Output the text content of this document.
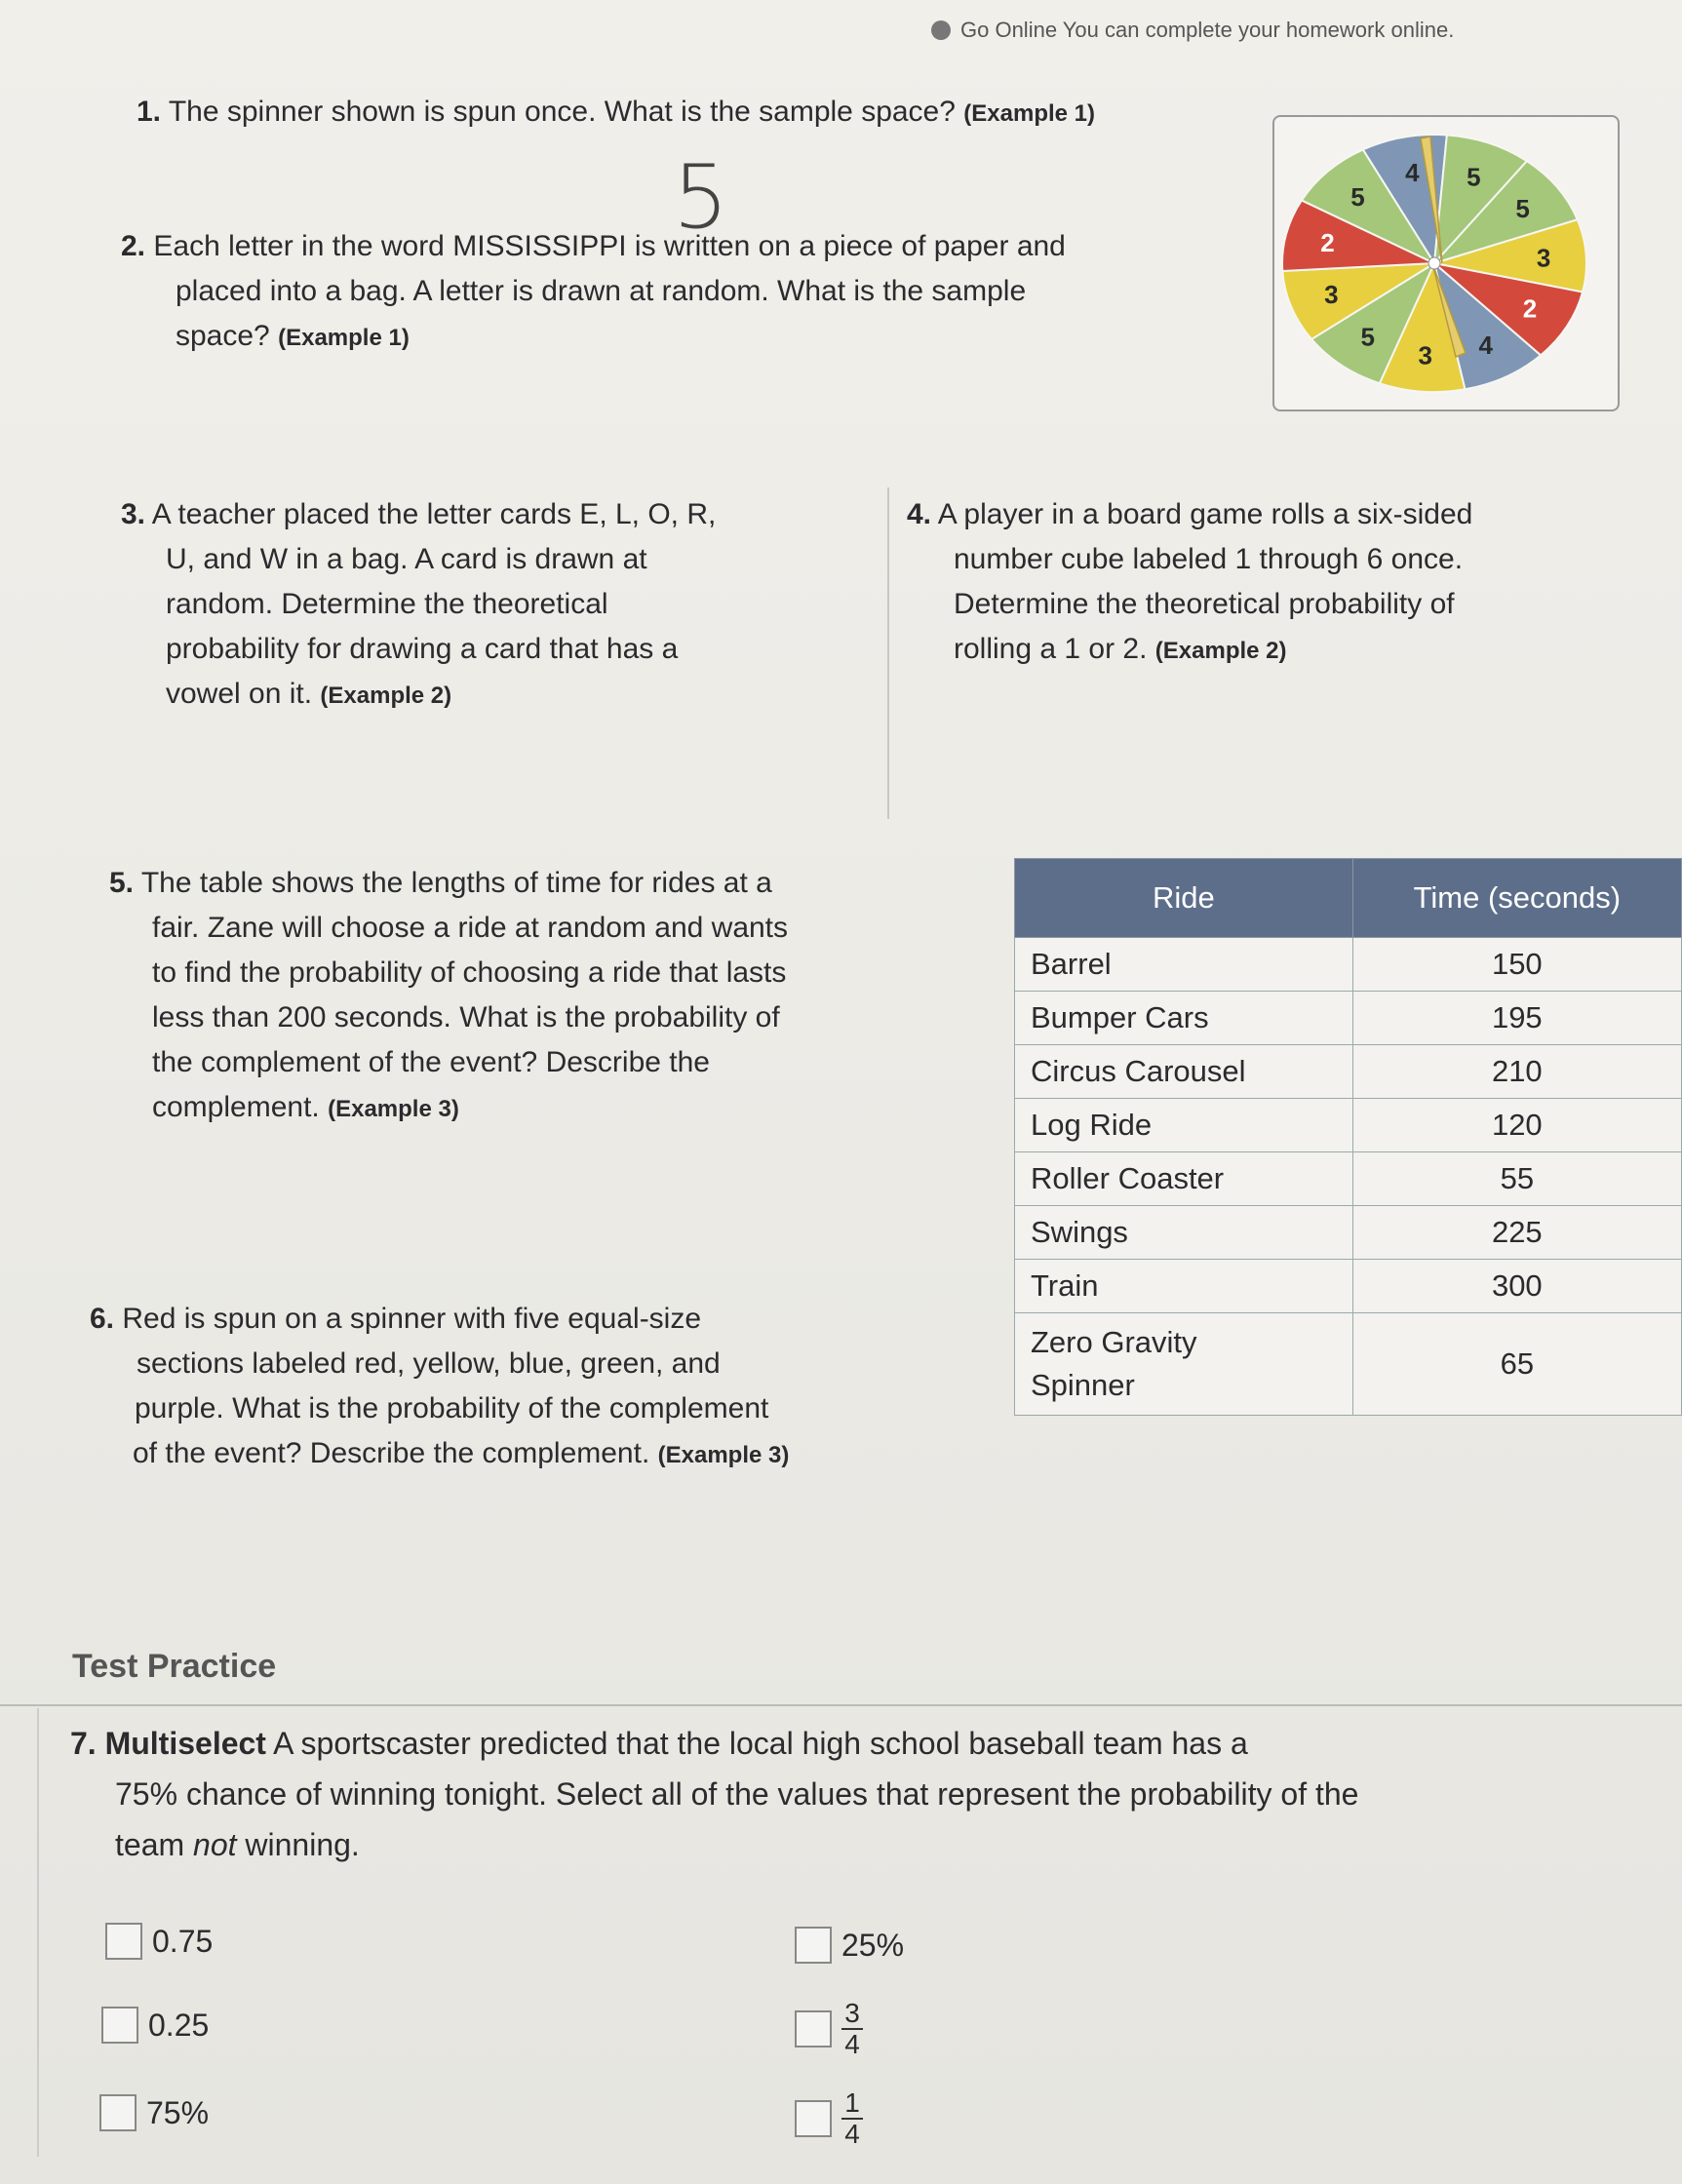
Go Online You can complete your homework online.
1. The spinner shown is spun once. What is the sample space? (Example 1)
5	4 5
5
3
2
4
3
5
3
2
5
2. Each letter in the word MISSISSIPPI is written on a piece of paper and
placed into a bag. A letter is drawn at random. What is the sample
space? (Example 1)
3. A teacher placed the letter cards E, L, O, R,
U, and W in a bag. A card is drawn at
random. Determine the theoretical
probability for drawing a card that has a
vowel on it. (Example 2)
4. A player in a board game rolls a six-sided
number cube labeled 1 through 6 once.
Determine the theoretical probability of
rolling a 1 or 2. (Example 2)
5. The table shows the lengths of time for rides at a
fair. Zane will choose a ride at random and wants
to find the probability of choosing a ride that lasts
less than 200 seconds. What is the probability of
the complement of the event? Describe the
complement. (Example 3)
Ride	Time (seconds)
Barrel	150
Bumper Cars	195
Circus Carousel	210
Log Ride	120
Roller Coaster	55
Swings	225
Train	300

Zero Gravity
Spinner	65
6. Red is spun on a spinner with five equal-size
sections labeled red, yellow, blue, green, and
purple. What is the probability of the complement
of the event? Describe the complement. (Example 3)
Test Practice
7. Multiselect A sportscaster predicted that the local high school baseball team has a
75% chance of winning tonight. Select all of the values that represent the probability of the
team not winning.
0.75
0.25
75%
25%
$\frac{3}{4}$
$\frac{1}{4}$
